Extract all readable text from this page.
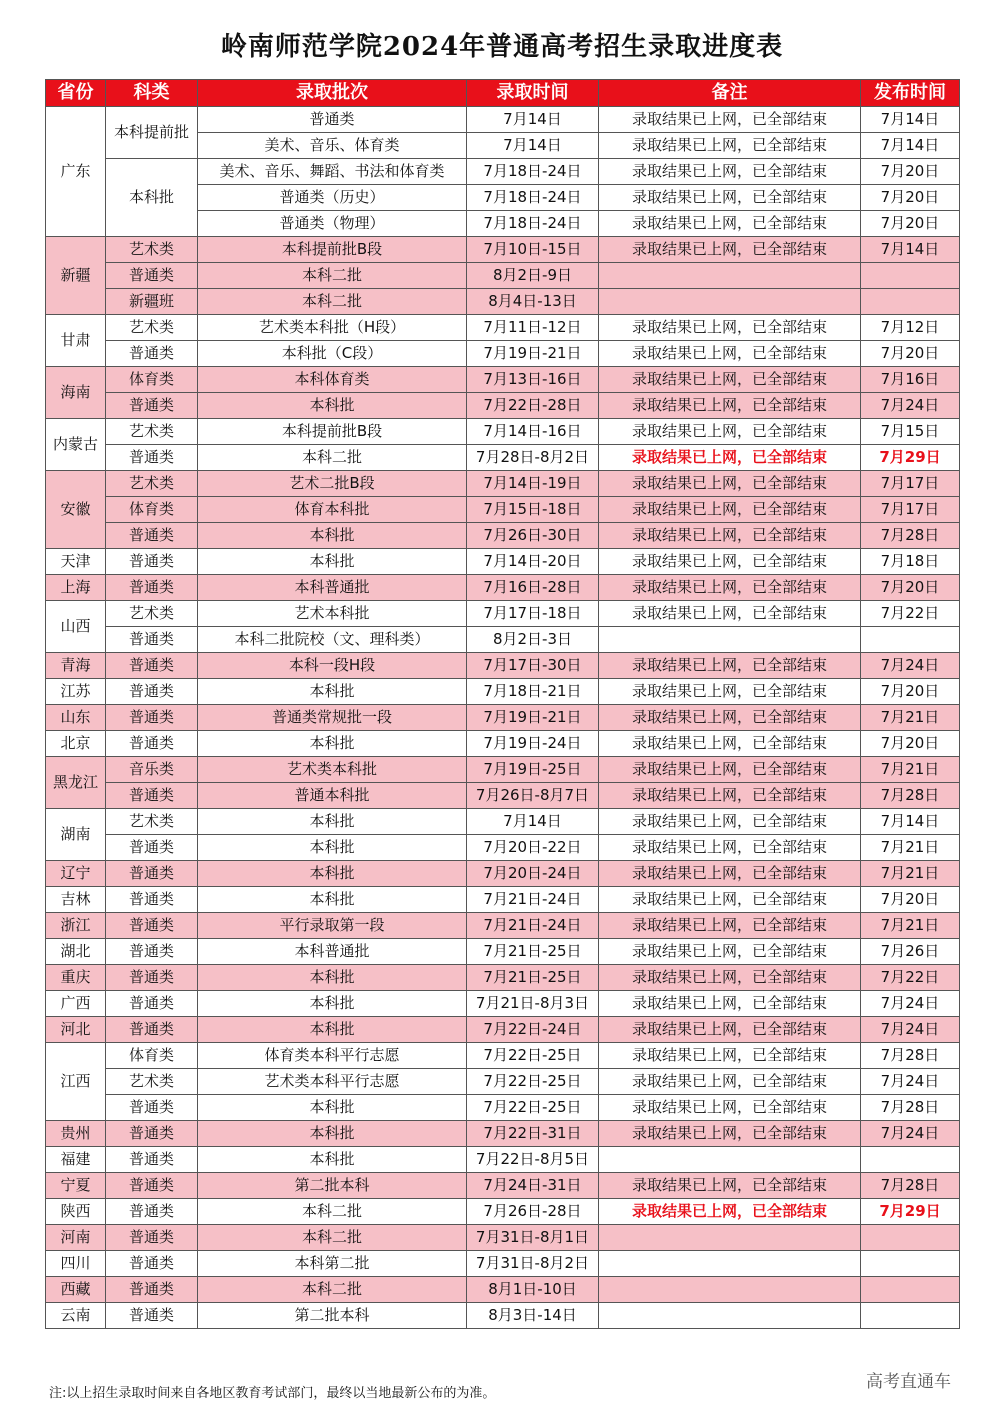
岭南师范学院2024年普通高考招生录取进度表
省份	科类	录取批次	录取时间	备注	发布时间
广东	本科提前批	普通类	7月14日	录取结果已上网，已全部结束	7月14日
		美术、音乐、体育类	7月14日	录取结果已上网，已全部结束	7月14日
	本科批	美术、音乐、舞蹈、书法和体育类	7月18日-24日	录取结果已上网，已全部结束	7月20日
		普通类（历史）	7月18日-24日	录取结果已上网，已全部结束	7月20日
		普通类（物理）	7月18日-24日	录取结果已上网，已全部结束	7月20日
新疆	艺术类	本科提前批B段	7月10日-15日	录取结果已上网，已全部结束	7月14日
	普通类	本科二批	8月2日-9日		
	新疆班	本科二批	8月4日-13日		
甘肃	艺术类	艺术类本科批（H段）	7月11日-12日	录取结果已上网，已全部结束	7月12日
	普通类	本科批（C段）	7月19日-21日	录取结果已上网，已全部结束	7月20日
海南	体育类	本科体育类	7月13日-16日	录取结果已上网，已全部结束	7月16日
	普通类	本科批	7月22日-28日	录取结果已上网，已全部结束	7月24日
内蒙古	艺术类	本科提前批B段	7月14日-16日	录取结果已上网，已全部结束	7月15日
	普通类	本科二批	7月28日-8月2日	录取结果已上网，已全部结束	7月29日
安徽	艺术类	艺术二批B段	7月14日-19日	录取结果已上网，已全部结束	7月17日
	体育类	体育本科批	7月15日-18日	录取结果已上网，已全部结束	7月17日
	普通类	本科批	7月26日-30日	录取结果已上网，已全部结束	7月28日
天津	普通类	本科批	7月14日-20日	录取结果已上网，已全部结束	7月18日
上海	普通类	本科普通批	7月16日-28日	录取结果已上网，已全部结束	7月20日
山西	艺术类	艺术本科批	7月17日-18日	录取结果已上网，已全部结束	7月22日
	普通类	本科二批院校（文、理科类）	8月2日-3日		
青海	普通类	本科一段H段	7月17日-30日	录取结果已上网，已全部结束	7月24日
江苏	普通类	本科批	7月18日-21日	录取结果已上网，已全部结束	7月20日
山东	普通类	普通类常规批一段	7月19日-21日	录取结果已上网，已全部结束	7月21日
北京	普通类	本科批	7月19日-24日	录取结果已上网，已全部结束	7月20日
黑龙江	音乐类	艺术类本科批	7月19日-25日	录取结果已上网，已全部结束	7月21日
	普通类	普通本科批	7月26日-8月7日	录取结果已上网，已全部结束	7月28日
湖南	艺术类	本科批	7月14日	录取结果已上网，已全部结束	7月14日
	普通类	本科批	7月20日-22日	录取结果已上网，已全部结束	7月21日
辽宁	普通类	本科批	7月20日-24日	录取结果已上网，已全部结束	7月21日
吉林	普通类	本科批	7月21日-24日	录取结果已上网，已全部结束	7月20日
浙江	普通类	平行录取第一段	7月21日-24日	录取结果已上网，已全部结束	7月21日
湖北	普通类	本科普通批	7月21日-25日	录取结果已上网，已全部结束	7月26日
重庆	普通类	本科批	7月21日-25日	录取结果已上网，已全部结束	7月22日
广西	普通类	本科批	7月21日-8月3日	录取结果已上网，已全部结束	7月24日
河北	普通类	本科批	7月22日-24日	录取结果已上网，已全部结束	7月24日
江西	体育类	体育类本科平行志愿	7月22日-25日	录取结果已上网，已全部结束	7月28日
	艺术类	艺术类本科平行志愿	7月22日-25日	录取结果已上网，已全部结束	7月24日
	普通类	本科批	7月22日-25日	录取结果已上网，已全部结束	7月28日
贵州	普通类	本科批	7月22日-31日	录取结果已上网，已全部结束	7月24日
福建	普通类	本科批	7月22日-8月5日		
宁夏	普通类	第二批本科	7月24日-31日	录取结果已上网，已全部结束	7月28日
陕西	普通类	本科二批	7月26日-28日	录取结果已上网，已全部结束	7月29日
河南	普通类	本科二批	7月31日-8月1日		
四川	普通类	本科第二批	7月31日-8月2日		
西藏	普通类	本科二批	8月1日-10日		
云南	普通类	第二批本科	8月3日-14日		
注:以上招生录取时间来自各地区教育考试部门，最终以当地最新公布的为准。
高考直通车
